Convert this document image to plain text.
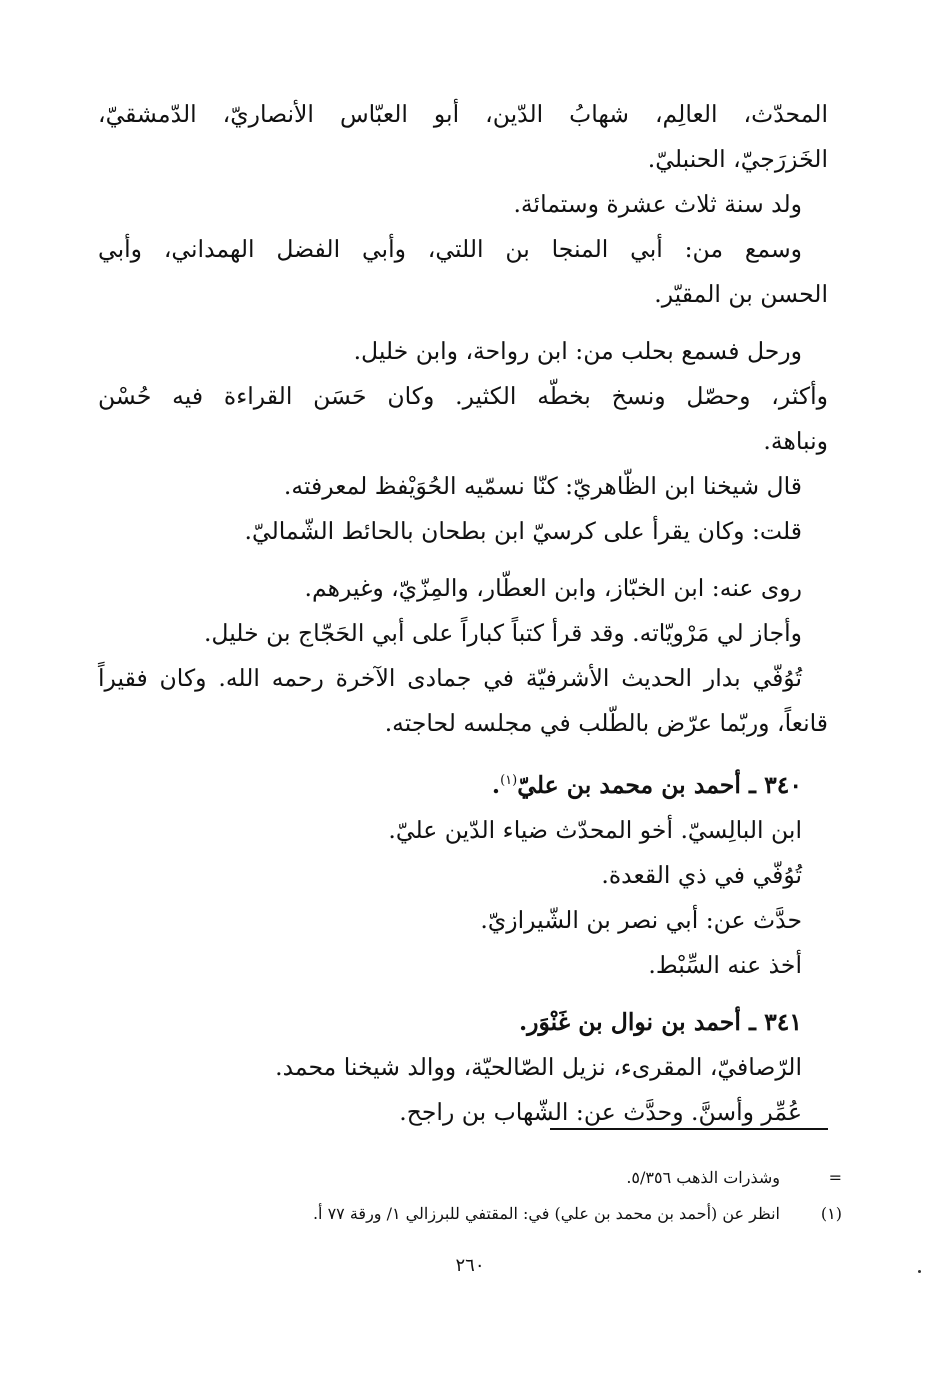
المحدّث، العالِم، شهابُ الدّين، أبو العبّاس الأنصاريّ، الدّمشقيّ،
الخَزرَجيّ، الحنبليّ.
ولد سنة ثلاث عشرة وستمائة.
وسمع من: أبي المنجا بن اللتي، وأبي الفضل الهمداني، وأبي
الحسن بن المقيّر.
ورحل فسمع بحلب من: ابن رواحة، وابن خليل.
وأكثر، وحصّل ونسخ بخطّه الكثير. وكان حَسَن القراءة فيه حُسْن
ونباهة.
قال شيخنا ابن الظّاهريّ: كنّا نسمّيه الحُوَيْفظ لمعرفته.
قلت: وكان يقرأ على كرسيّ ابن بطحان بالحائط الشّماليّ.
روى عنه: ابن الخبّاز، وابن العطّار، والمِزّيّ، وغيرهم.
وأجاز لي مَرْويّاته. وقد قرأ كتباً كباراً على أبي الحَجّاج بن خليل.
تُوُفّي بدار الحديث الأشرفيّة في جمادى الآخرة رحمه الله. وكان فقيراً
قانعاً، وربّما عرّض بالطّلب في مجلسه لحاجته.
٣٤٠ ـ أحمد بن محمد بن عليّ$^{(١)}$.
ابن البالِسيّ. أخو المحدّث ضياء الدّين عليّ.
تُوُفّي في ذي القعدة.
حدَّث عن: أبي نصر بن الشّيرازيّ.
أخذ عنه السِّبْط.
٣٤١ ـ أحمد بن نوال بن غَنْوَر.
الرّصافيّ، المقرىء، نزيل الصّالحيّة، ووالد شيخنا محمد.
عُمِّر وأسنَّ. وحدَّث عن: الشّهاب بن راجح.
=
وشذرات الذهب ٥/٣٥٦.
(١)
انظر عن (أحمد بن محمد بن علي) في: المقتفي للبرزالي ١/ ورقة ٧٧ أ.
٢٦٠
